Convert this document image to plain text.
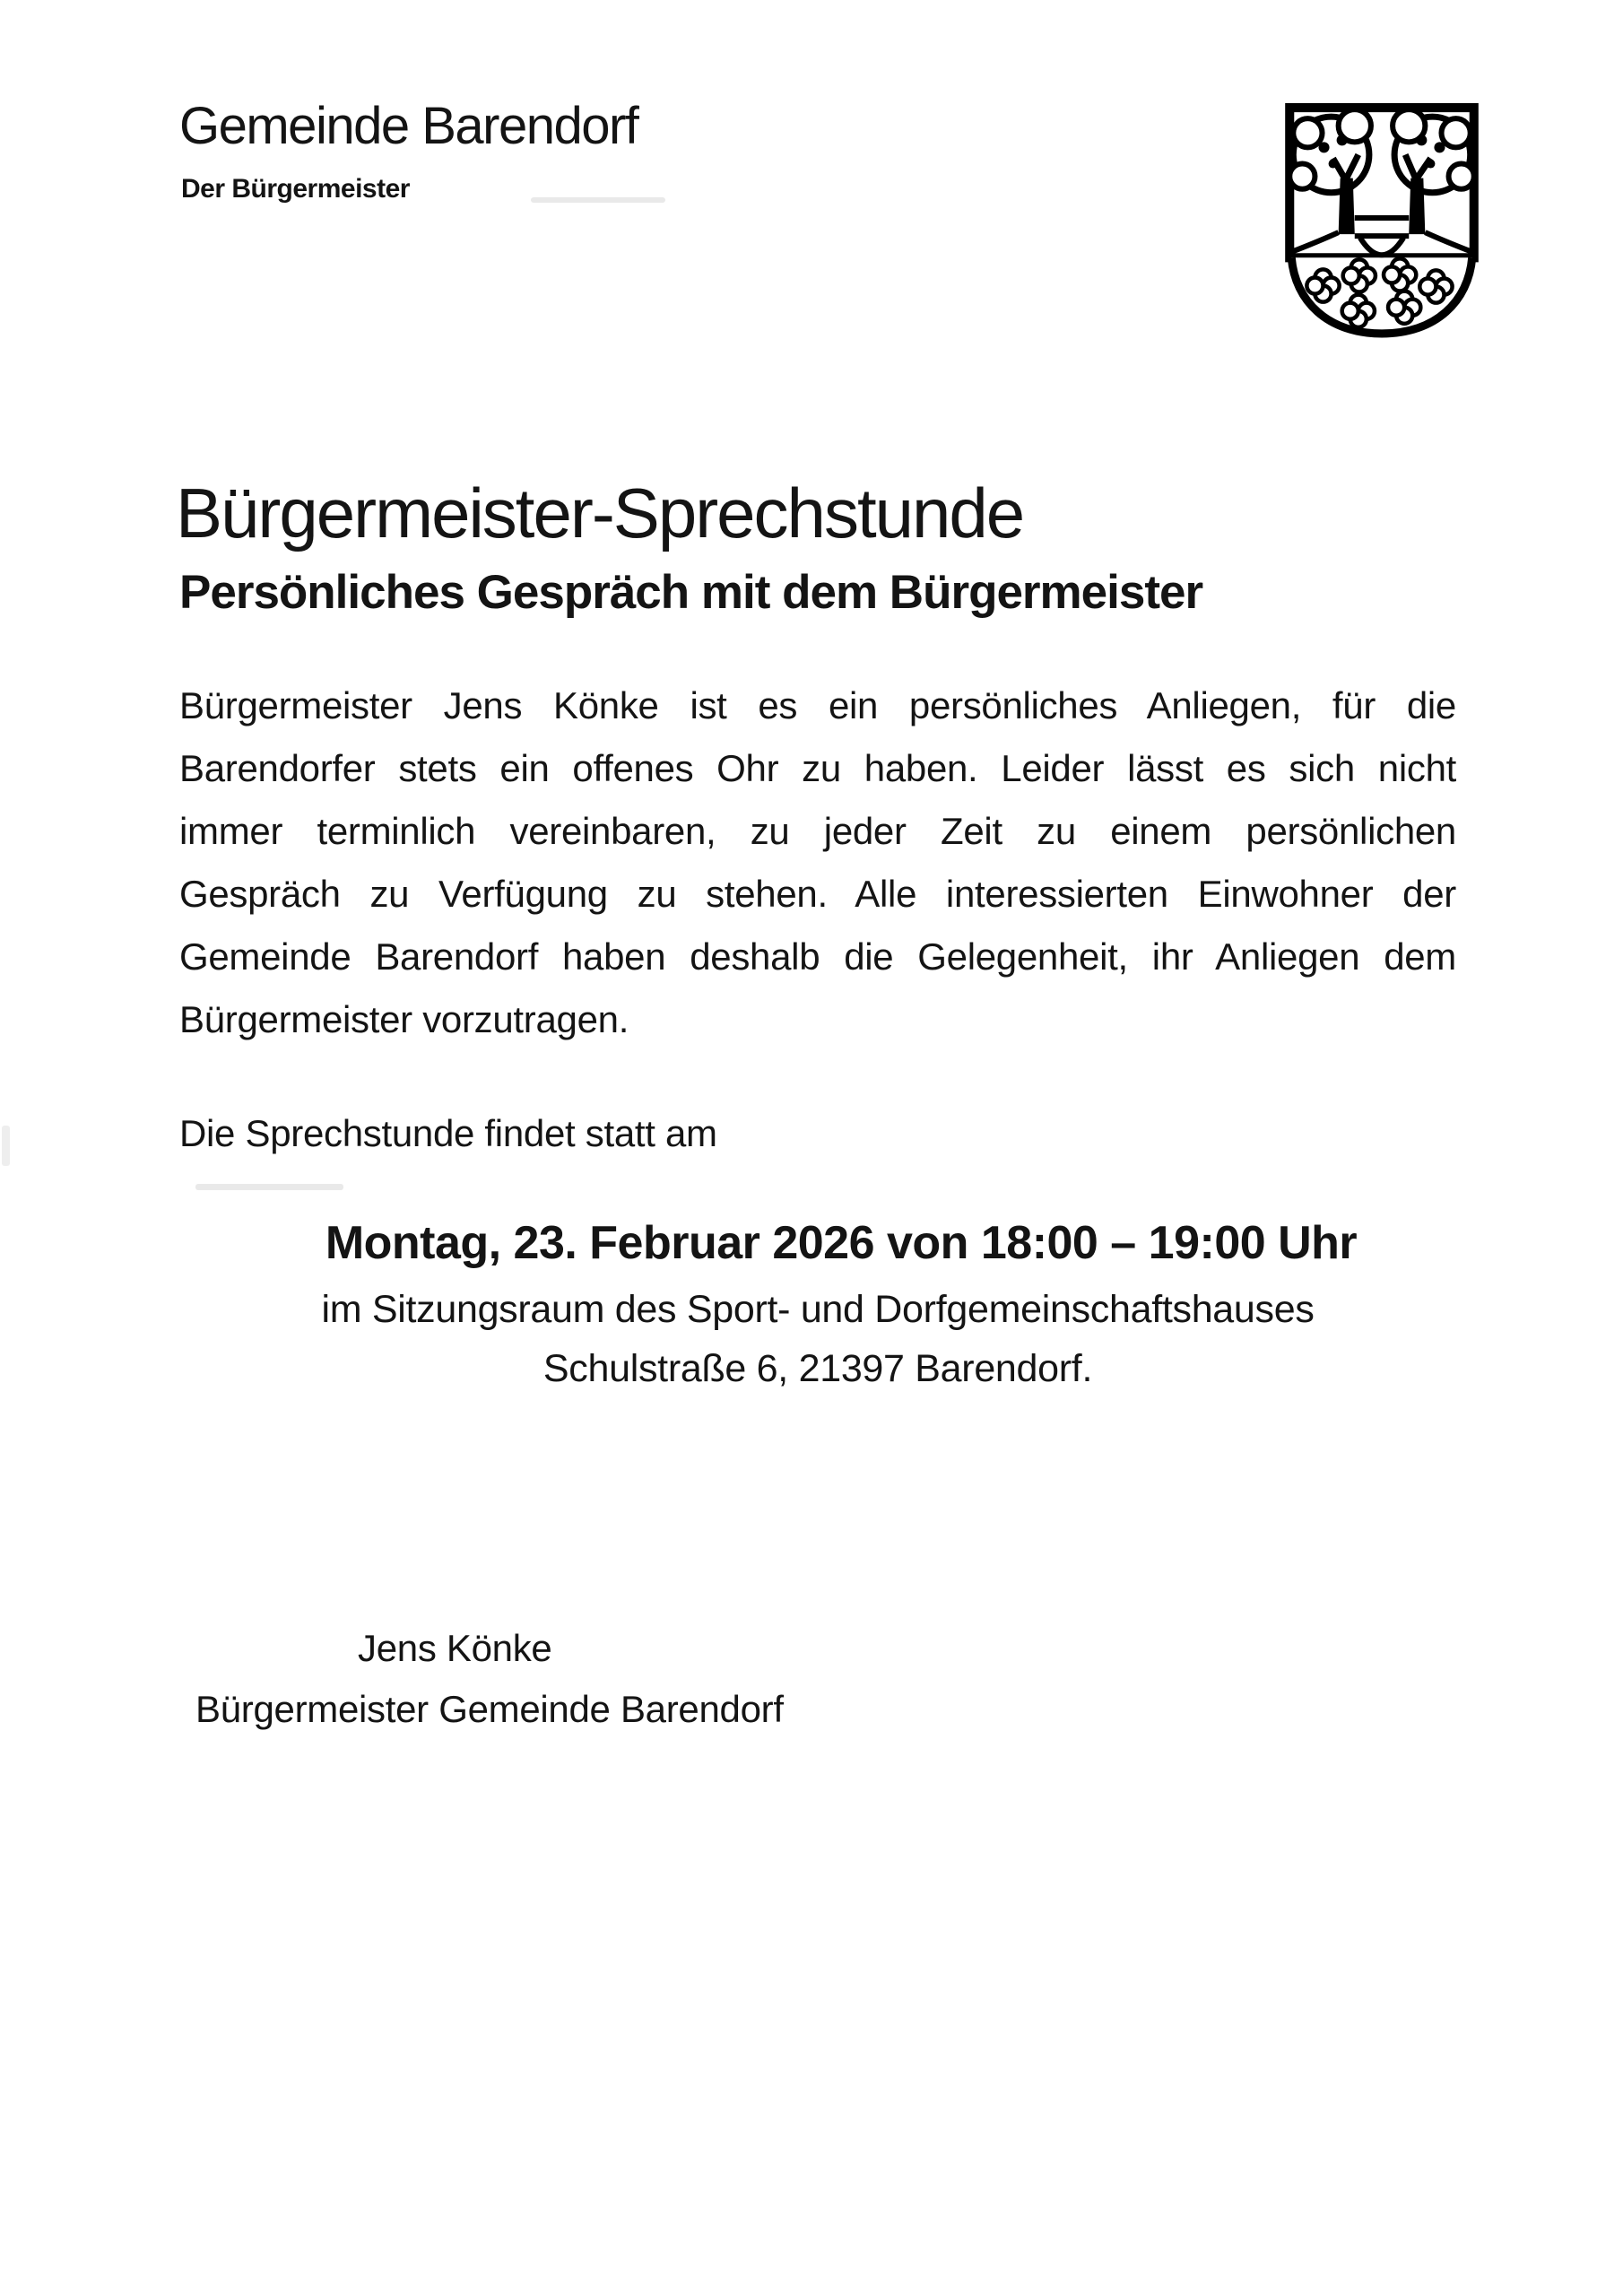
Gemeinde Barendorf
Der Bürgermeister
Bürgermeister-Sprechstunde
Persönliches Gespräch mit dem Bürgermeister
Bürgermeister Jens Könke ist es ein persönliches Anliegen, für die
Barendorfer stets ein offenes Ohr zu haben. Leider lässt es sich nicht
immer terminlich vereinbaren, zu jeder Zeit zu einem persönlichen
Gespräch zu Verfügung zu stehen. Alle interessierten Einwohner der
Gemeinde Barendorf haben deshalb die Gelegenheit, ihr Anliegen dem
Bürgermeister vorzutragen.
Die Sprechstunde findet statt am
Montag, 23. Februar 2026 von 18:00 – 19:00 Uhr
im Sitzungsraum des Sport- und Dorfgemeinschaftshauses
Schulstraße 6, 21397 Barendorf.
Jens Könke
Bürgermeister Gemeinde Barendorf
